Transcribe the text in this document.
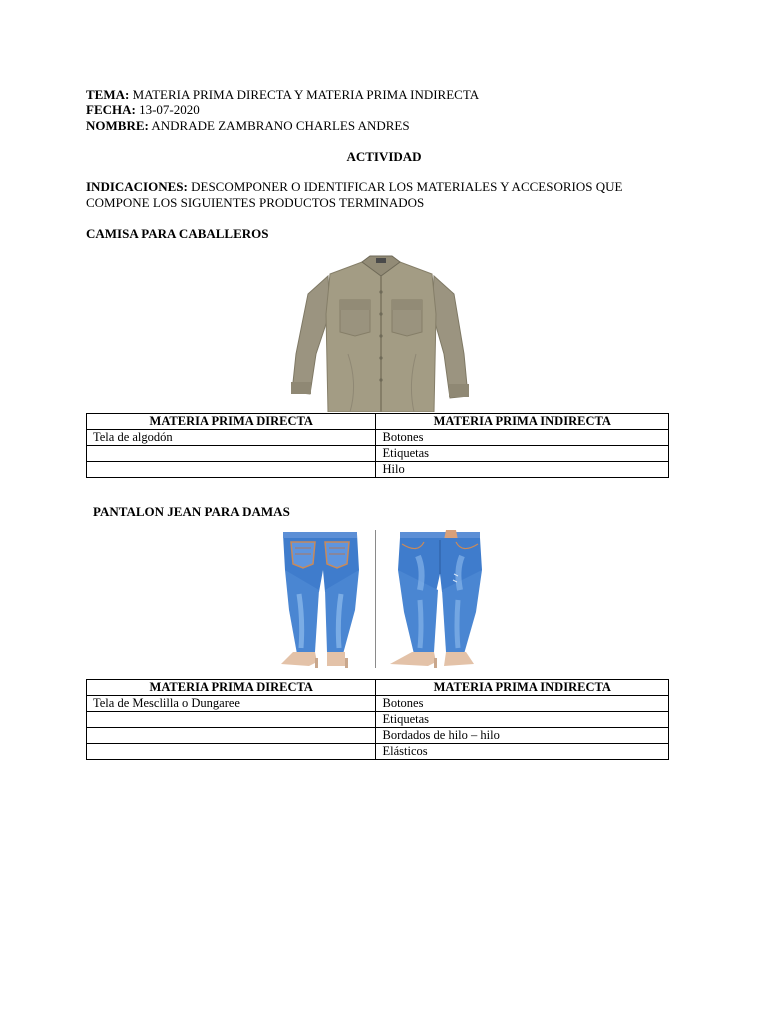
TEMA: MATERIA PRIMA DIRECTA Y MATERIA PRIMA INDIRECTA
FECHA: 13-07-2020
NOMBRE: ANDRADE ZAMBRANO CHARLES ANDRES
ACTIVIDAD
INDICACIONES: DESCOMPONER O IDENTIFICAR LOS MATERIALES Y ACCESORIOS QUE
COMPONE LOS SIGUIENTES PRODUCTOS TERMINADOS
CAMISA PARA CABALLEROS
MATERIA PRIMA DIRECTA	MATERIA PRIMA INDIRECTA
Tela de algodón	Botones
	Etiquetas
	Hilo
PANTALON JEAN PARA DAMAS
MATERIA PRIMA DIRECTA	MATERIA PRIMA INDIRECTA
Tela de Mesclilla o Dungaree	Botones
	Etiquetas
	Bordados de hilo – hilo
	Elásticos
